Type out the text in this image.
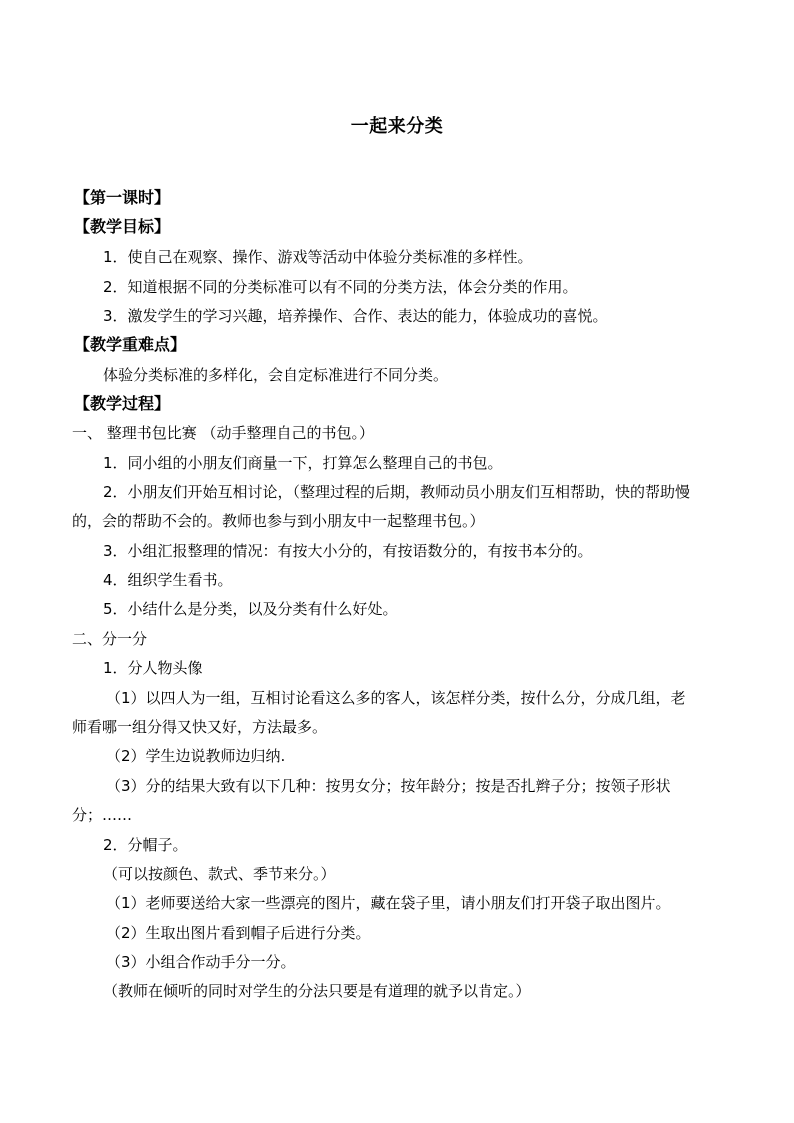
一起来分类
【第一课时】
【教学目标】
1．使自己在观察、操作、游戏等活动中体验分类标准的多样性。
2．知道根据不同的分类标准可以有不同的分类方法，体会分类的作用。
3．激发学生的学习兴趣，培养操作、合作、表达的能力，体验成功的喜悦。
【教学重难点】
体验分类标准的多样化，会自定标准进行不同分类。
【教学过程】
一、 整理书包比赛 （动手整理自己的书包。）
1．同小组的小朋友们商量一下，打算怎么整理自己的书包。
2．小朋友们开始互相讨论，（整理过程的后期，教师动员小朋友们互相帮助，快的帮助慢
的，会的帮助不会的。教师也参与到小朋友中一起整理书包。）
3．小组汇报整理的情况：有按大小分的，有按语数分的，有按书本分的。
4．组织学生看书。
5．小结什么是分类，以及分类有什么好处。
二、分一分
1．分人物头像
（1）以四人为一组，互相讨论看这么多的客人，该怎样分类，按什么分，分成几组，老
师看哪一组分得又快又好，方法最多。
（2）学生边说教师边归纳.
（3）分的结果大致有以下几种：按男女分；按年龄分；按是否扎辫子分；按领子形状
分；……
2．分帽子。
（可以按颜色、款式、季节来分。）
（1）老师要送给大家一些漂亮的图片，藏在袋子里，请小朋友们打开袋子取出图片。
（2）生取出图片看到帽子后进行分类。
（3）小组合作动手分一分。
（教师在倾听的同时对学生的分法只要是有道理的就予以肯定。）
